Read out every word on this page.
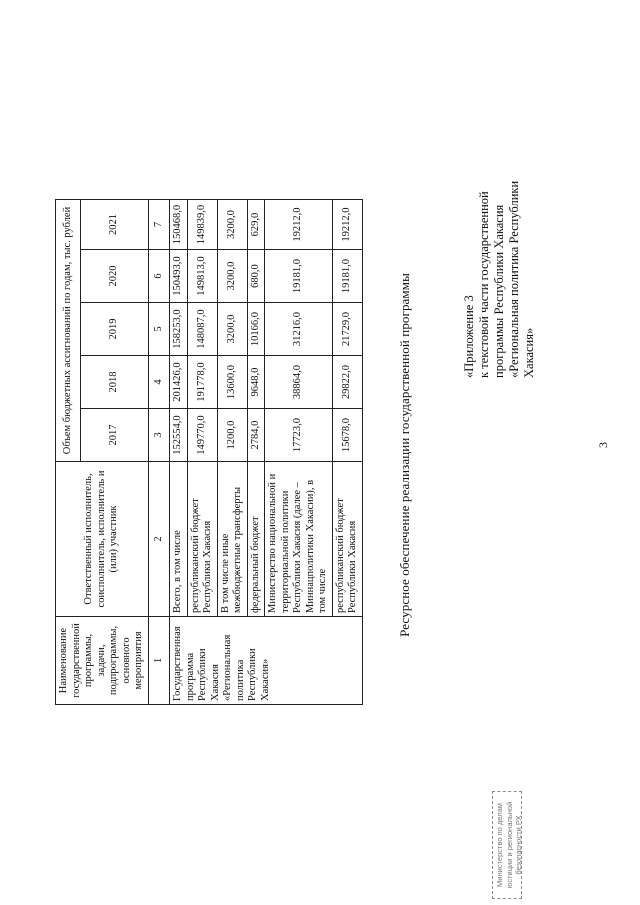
3
«Приложение 3 к текстовой части государственной программы Республики Хакасия «Региональная политика Республики Хакасия»
Ресурсное обеспечение реализации государственной программы
Наименование государственной программы, задачи, подпрограммы, основного мероприятия	Ответственный исполнитель, соисполнитель, исполнитель и (или) участник	Объем бюджетных ассигнований по годам, тыс. рублей				
		2017	2018	2019	2020	2021
1	2	3	4	5	6	7
Государственная программа Республики Хакасия «Региональная политика Республики Хакасия»	Всего, в том числе	152554,0	201426,0	158253,0	150493,0	150468,0
	республиканский бюджет Республики Хакасия	149770,0	191778,0	148087,0	149813,0	149839,0
	В том числе иные межбюджетные трансферты	1200,0	13600,0	3200,0	3200,0	3200,0
	федеральный бюджет	2784,0	9648,0	10166,0	680,0	629,0
	Министерство национальной и территориальной политики Республики Хакасия (далее – Миннацполитики Хакасии), в том числе	17723,0	38864,0	31216,0	19181,0	19212,0
	республиканский бюджет Республики Хакасия	15678,0	29822,0	21729,0	19181,0	19212,0
Министерство по делам юстиции и региональной безопасности РХ
